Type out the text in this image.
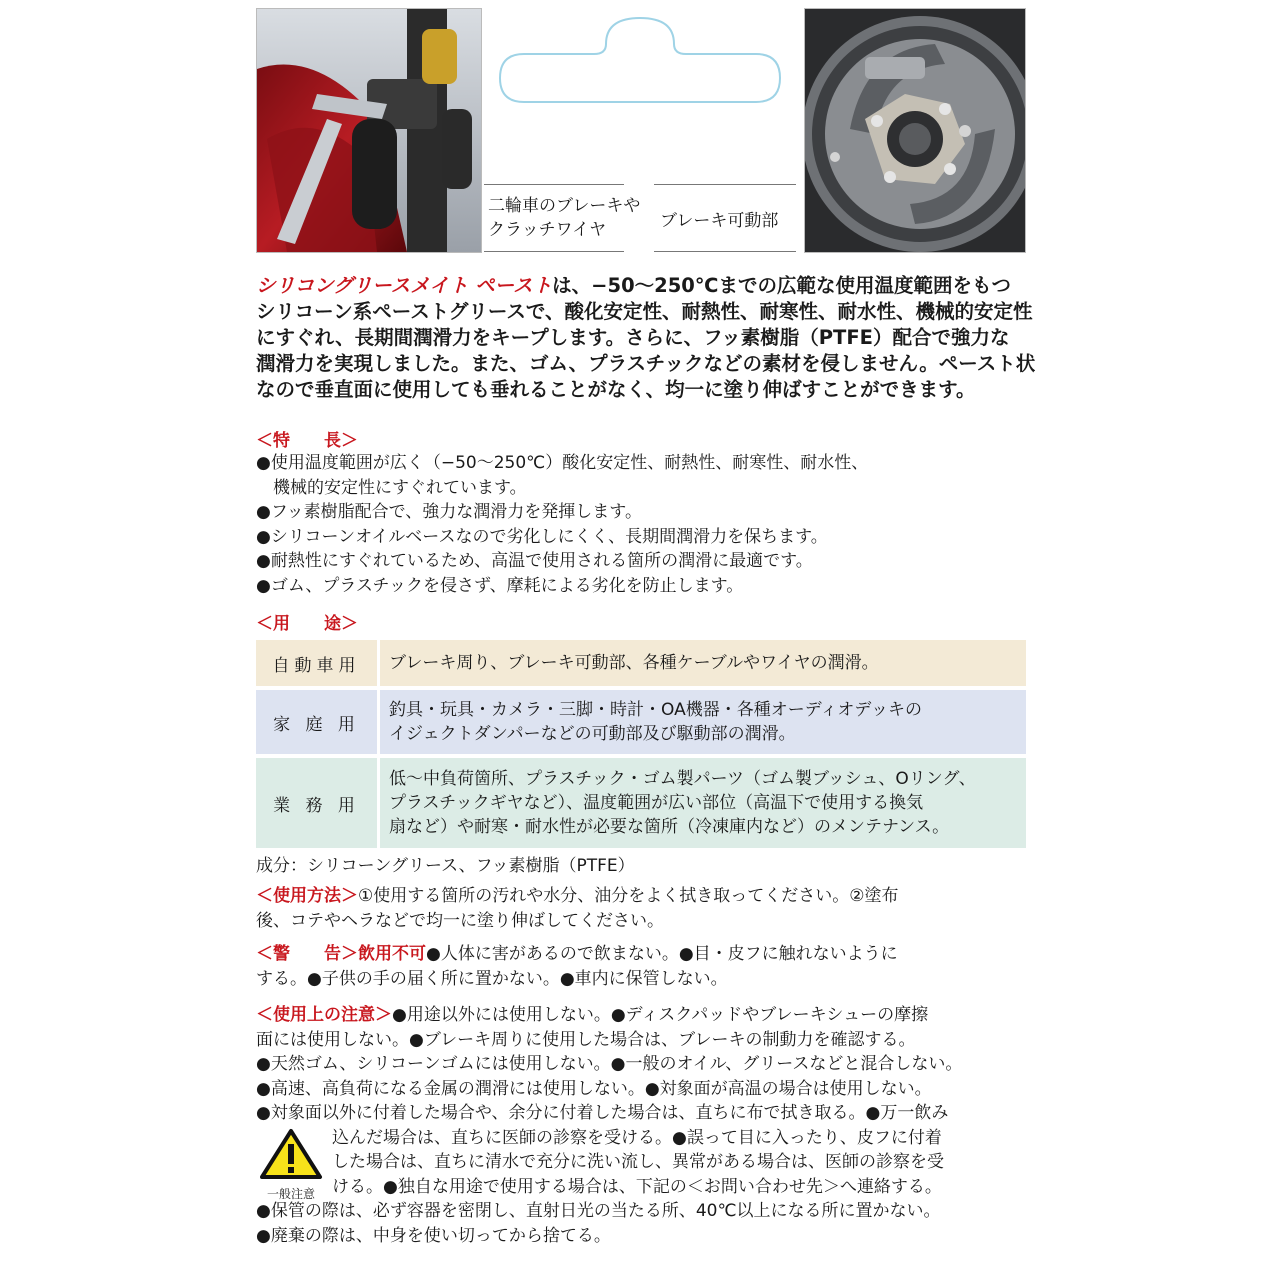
二輪車のブレーキや
クラッチワイヤ	ブレーキ可動部
シリコングリースメイト ペーストは、−50〜250℃までの広範な使用温度範囲をもつ
シリコーン系ペーストグリースで、酸化安定性、耐熱性、耐寒性、耐水性、機械的安定性
にすぐれ、長期間潤滑力をキープします。さらに、フッ素樹脂（PTFE）配合で強力な
潤滑力を実現しました。また、ゴム、プラスチックなどの素材を侵しません。ペースト状
なので垂直面に使用しても垂れることがなく、均一に塗り伸ばすことができます。
＜特　　長＞
●使用温度範囲が広く（−50〜250℃）酸化安定性、耐熱性、耐寒性、耐水性、
　機械的安定性にすぐれています。
●フッ素樹脂配合で、強力な潤滑力を発揮します。
●シリコーンオイルベースなので劣化しにくく、長期間潤滑力を保ちます。
●耐熱性にすぐれているため、高温で使用される箇所の潤滑に最適です。
●ゴム、プラスチックを侵さず、摩耗による劣化を防止します。
＜用　　途＞
自動車用	ブレーキ周り、ブレーキ可動部、各種ケーブルやワイヤの潤滑。
家 庭 用
釣具・玩具・カメラ・三脚・時計・OA機器・各種オーディオデッキの
イジェクトダンパーなどの可動部及び駆動部の潤滑。
業 務 用
低〜中負荷箇所、プラスチック・ゴム製パーツ（ゴム製ブッシュ、Oリング、
プラスチックギヤなど）、温度範囲が広い部位（高温下で使用する換気
扇など）や耐寒・耐水性が必要な箇所（冷凍庫内など）のメンテナンス。
成分：シリコーングリース、フッ素樹脂（PTFE）
＜使用方法＞①使用する箇所の汚れや水分、油分をよく拭き取ってください。②塗布
後、コテやヘラなどで均一に塗り伸ばしてください。
＜警　　告＞飲用不可●人体に害があるので飲まない。●目・皮フに触れないように
する。●子供の手の届く所に置かない。●車内に保管しない。
＜使用上の注意＞●用途以外には使用しない。●ディスクパッドやブレーキシューの摩擦
面には使用しない。●ブレーキ周りに使用した場合は、ブレーキの制動力を確認する。
●天然ゴム、シリコーンゴムには使用しない。●一般のオイル、グリースなどと混合しない。
●高速、高負荷になる金属の潤滑には使用しない。●対象面が高温の場合は使用しない。
●対象面以外に付着した場合や、余分に付着した場合は、直ちに布で拭き取る。●万一飲み
一般注意
込んだ場合は、直ちに医師の診察を受ける。●誤って目に入ったり、皮フに付着
した場合は、直ちに清水で充分に洗い流し、異常がある場合は、医師の診察を受
ける。●独自な用途で使用する場合は、下記の＜お問い合わせ先＞へ連絡する。
●保管の際は、必ず容器を密閉し、直射日光の当たる所、40℃以上になる所に置かない。
●廃棄の際は、中身を使い切ってから捨てる。
